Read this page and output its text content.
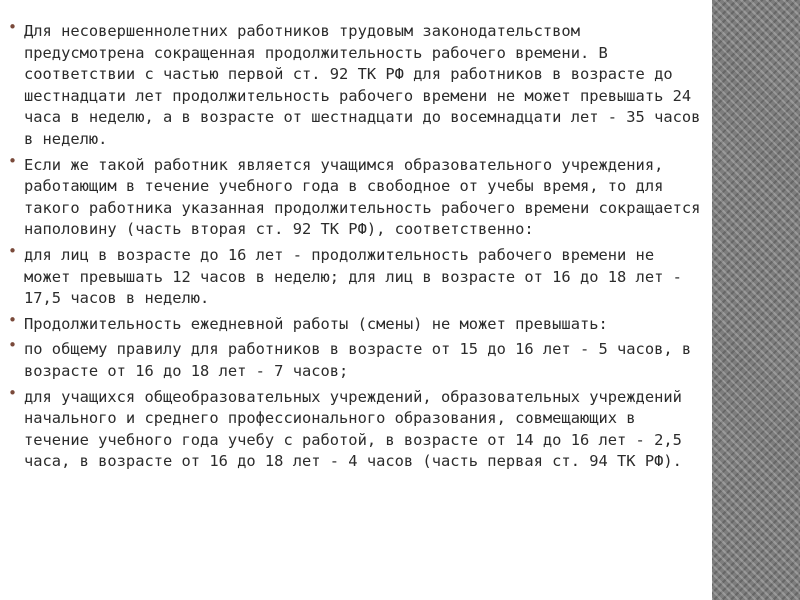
• Для несовершеннолетних работников трудовым законодательством предусмотрена сокращенная продолжительность рабочего времени. В соответствии с частью первой ст. 92 ТК РФ для работников в возрасте до шестнадцати лет продолжительность рабочего времени не может превышать 24 часа в неделю, а в возрасте от шестнадцати до восемнадцати лет - 35 часов в неделю.
• Если же такой работник является учащимся образовательного учреждения, работающим в течение учебного года в свободное от учебы время, то для такого работника указанная продолжительность рабочего времени сокращается наполовину (часть вторая ст. 92 ТК РФ), соответственно:
• для лиц в возрасте до 16 лет - продолжительность рабочего времени не может превышать 12 часов в неделю; для лиц в возрасте от 16 до 18 лет - 17,5 часов в неделю.
• Продолжительность ежедневной работы (смены) не может превышать:
• по общему правилу для работников в возрасте от 15 до 16 лет - 5 часов, в возрасте от 16 до 18 лет - 7 часов;
• для учащихся общеобразовательных учреждений, образовательных учреждений начального и среднего профессионального образования, совмещающих в течение учебного года учебу с работой, в возрасте от 14 до 16 лет - 2,5 часа, в возрасте от 16 до 18 лет - 4 часов (часть первая ст. 94 ТК РФ).
